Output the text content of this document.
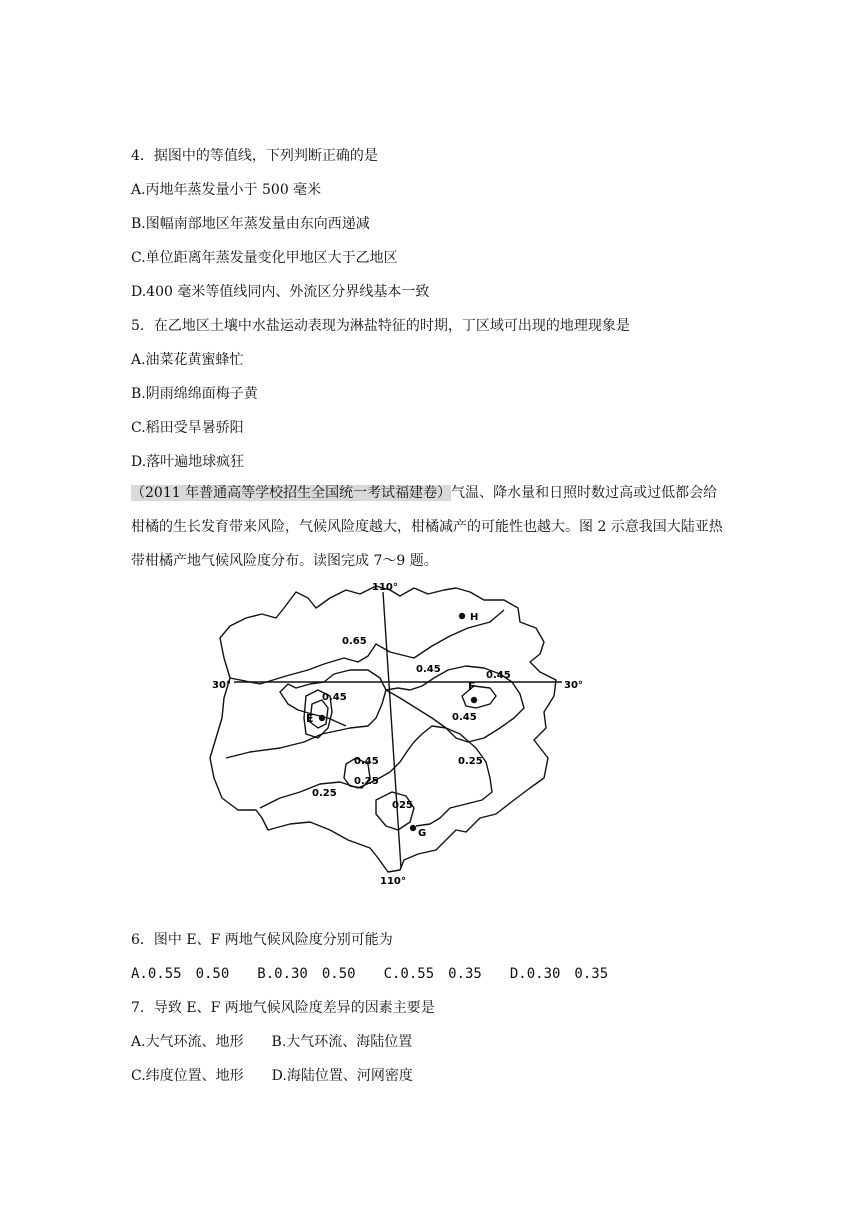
4．据图中的等值线，下列判断正确的是
A.丙地年蒸发量小于 500 毫米
B.图幅南部地区年蒸发量由东向西递减
C.单位距离年蒸发量变化甲地区大于乙地区
D.400 毫米等值线同内、外流区分界线基本一致
5．在乙地区土壤中水盐运动表现为淋盐特征的时期，丁区域可出现的地理现象是
A.油菜花黄蜜蜂忙
B.阴雨绵绵面梅子黄
C.稻田受旱暑骄阳
D.落叶遍地球疯狂
（2011 年普通高等学校招生全国统一考试福建卷）气温、降水量和日照时数过高或过低都会给柑橘的生长发育带来风险，气候风险度越大，柑橘减产的可能性也越大。图 2 示意我国大陆亚热带柑橘产地气候风险度分布。读图完成 7～9 题。
110°
110°
30°	30°
0.65
0.45
0.45
0.45
0.45
0.45	0.25
0.25
0.25
025
H
F
E
G
6．图中 E、F 两地气候风险度分别可能为
A.0.55　0.50　　B.0.30　0.50　　C.0.55　0.35　　D.0.30　0.35
7．导致 E、F 两地气候风险度差异的因素主要是
A.大气环流、地形　　B.大气环流、海陆位置
C.纬度位置、地形　　D.海陆位置、河网密度
